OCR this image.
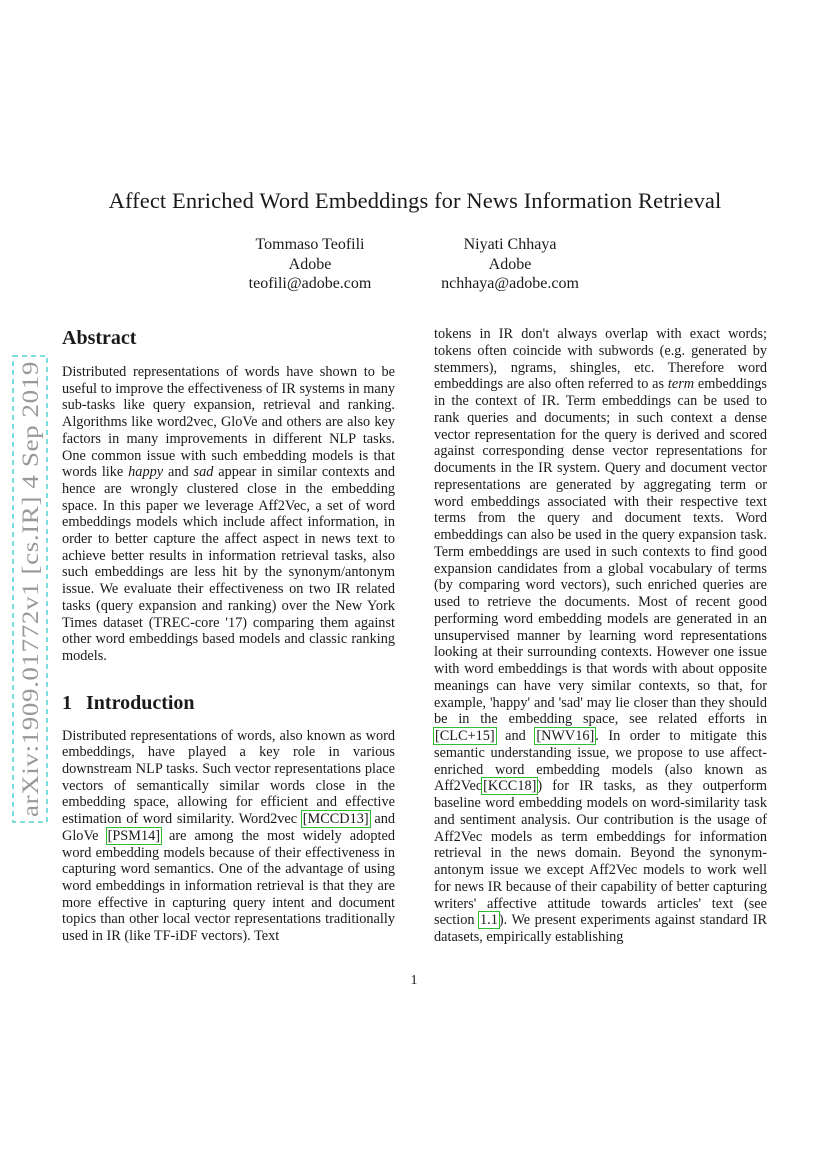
arXiv:1909.01772v1 [cs.IR] 4 Sep 2019
Affect Enriched Word Embeddings for News Information Retrieval
Tommaso Teofili
Adobe
teofili@adobe.com
Niyati Chhaya
Adobe
nchhaya@adobe.com
Abstract

Distributed representations of words have shown to be useful to improve the effectiveness of IR systems in many sub-tasks like query expansion, retrieval and ranking. Algorithms like word2vec, GloVe and others are also key factors in many improvements in different NLP tasks. One common issue with such embedding models is that words like happy and sad appear in similar contexts and hence are wrongly clustered close in the embedding space. In this paper we leverage Aff2Vec, a set of word embeddings models which include affect information, in order to better capture the affect aspect in news text to achieve better results in information retrieval tasks, also such embeddings are less hit by the synonym/antonym issue. We evaluate their effectiveness on two IR related tasks (query expansion and ranking) over the New York Times dataset (TREC-core '17) comparing them against other word embeddings based models and classic ranking models.

1 Introduction

Distributed representations of words, also known as word embeddings, have played a key role in various downstream NLP tasks. Such vector representations place vectors of semantically similar words close in the embedding space, allowing for efficient and effective estimation of word similarity. Word2vec [MCCD13] and GloVe [PSM14] are among the most widely adopted word embedding models because of their effectiveness in capturing word semantics. One of the advantage of using word embeddings in information retrieval is that they are more effective in capturing query intent and document topics than other local vector representations traditionally used in IR (like TF-iDF vectors). Text

tokens in IR don't always overlap with exact words; tokens often coincide with subwords (e.g. generated by stemmers), ngrams, shingles, etc. Therefore word embeddings are also often referred to as term embeddings in the context of IR. Term embeddings can be used to rank queries and documents; in such context a dense vector representation for the query is derived and scored against corresponding dense vector representations for documents in the IR system. Query and document vector representations are generated by aggregating term or word embeddings associated with their respective text terms from the query and document texts. Word embeddings can also be used in the query expansion task. Term embeddings are used in such contexts to find good expansion candidates from a global vocabulary of terms (by comparing word vectors), such enriched queries are used to retrieve the documents. Most of recent good performing word embedding models are generated in an unsupervised manner by learning word representations looking at their surrounding contexts. However one issue with word embeddings is that words with about opposite meanings can have very similar contexts, so that, for example, 'happy' and 'sad' may lie closer than they should be in the embedding space, see related efforts in [CLC+15] and [NWV16]. In order to mitigate this semantic understanding issue, we propose to use affect-enriched word embedding models (also known as Aff2Vec[KCC18]) for IR tasks, as they outperform baseline word embedding models on word-similarity task and sentiment analysis. Our contribution is the usage of Aff2Vec models as term embeddings for information retrieval in the news domain. Beyond the synonym-antonym issue we except Aff2Vec models to work well for news IR because of their capability of better capturing writers' affective attitude towards articles' text (see section 1.1). We present experiments against standard IR datasets, empirically establishing

1
